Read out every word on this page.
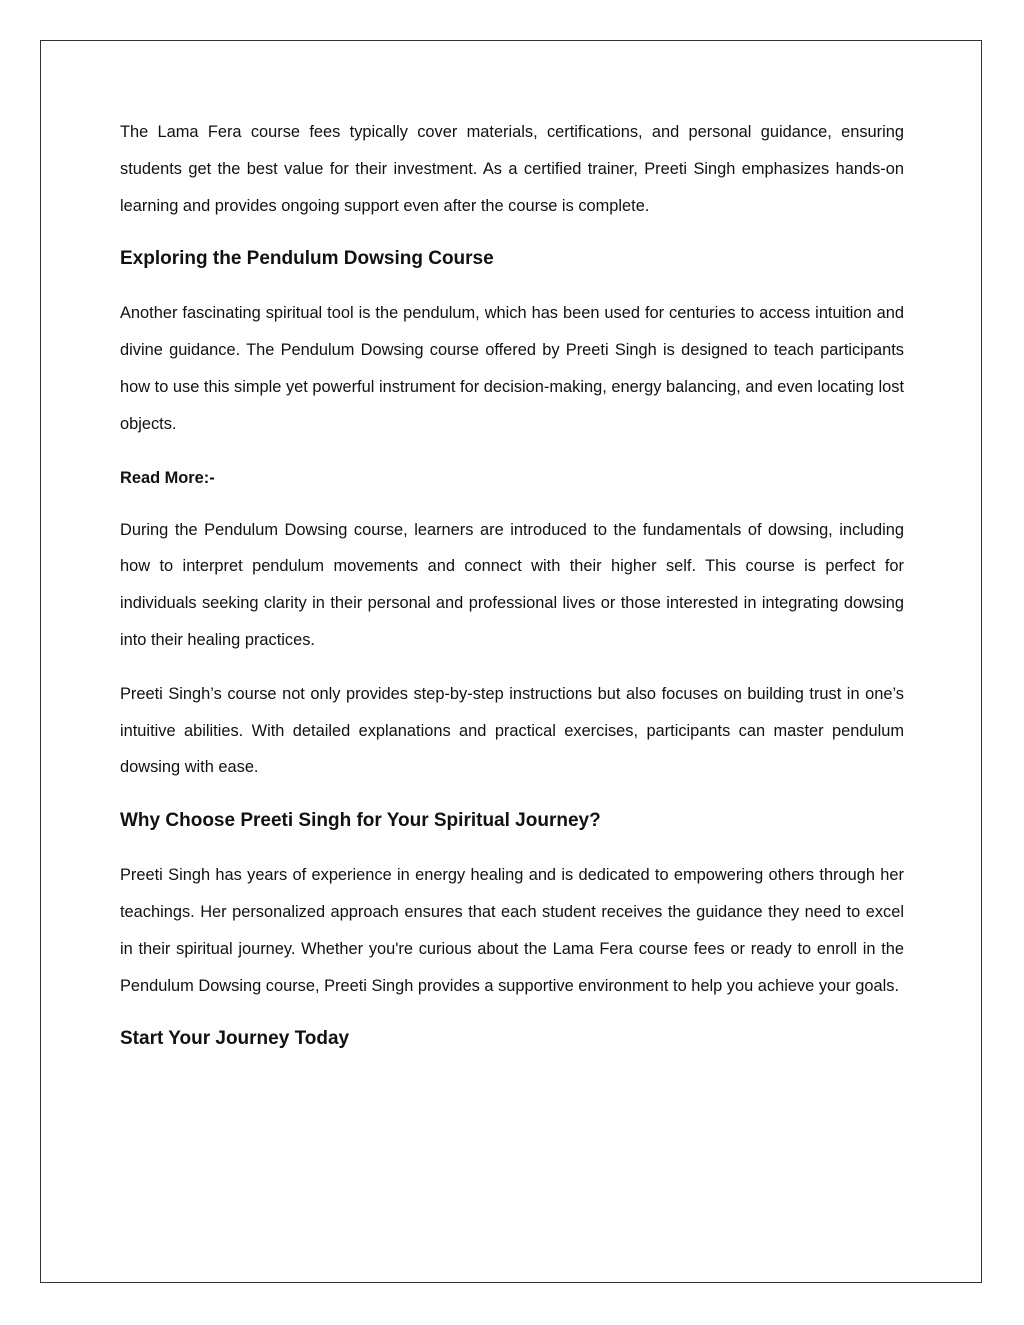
The Lama Fera course fees typically cover materials, certifications, and personal guidance, ensuring students get the best value for their investment. As a certified trainer, Preeti Singh emphasizes hands-on learning and provides ongoing support even after the course is complete.

Exploring the Pendulum Dowsing Course

Another fascinating spiritual tool is the pendulum, which has been used for centuries to access intuition and divine guidance. The Pendulum Dowsing course offered by Preeti Singh is designed to teach participants how to use this simple yet powerful instrument for decision-making, energy balancing, and even locating lost objects.

Read More:-

During the Pendulum Dowsing course, learners are introduced to the fundamentals of dowsing, including how to interpret pendulum movements and connect with their higher self. This course is perfect for individuals seeking clarity in their personal and professional lives or those interested in integrating dowsing into their healing practices.

Preeti Singh’s course not only provides step-by-step instructions but also focuses on building trust in one’s intuitive abilities. With detailed explanations and practical exercises, participants can master pendulum dowsing with ease.

Why Choose Preeti Singh for Your Spiritual Journey?

Preeti Singh has years of experience in energy healing and is dedicated to empowering others through her teachings. Her personalized approach ensures that each student receives the guidance they need to excel in their spiritual journey. Whether you're curious about the Lama Fera course fees or ready to enroll in the Pendulum Dowsing course, Preeti Singh provides a supportive environment to help you achieve your goals.

Start Your Journey Today
